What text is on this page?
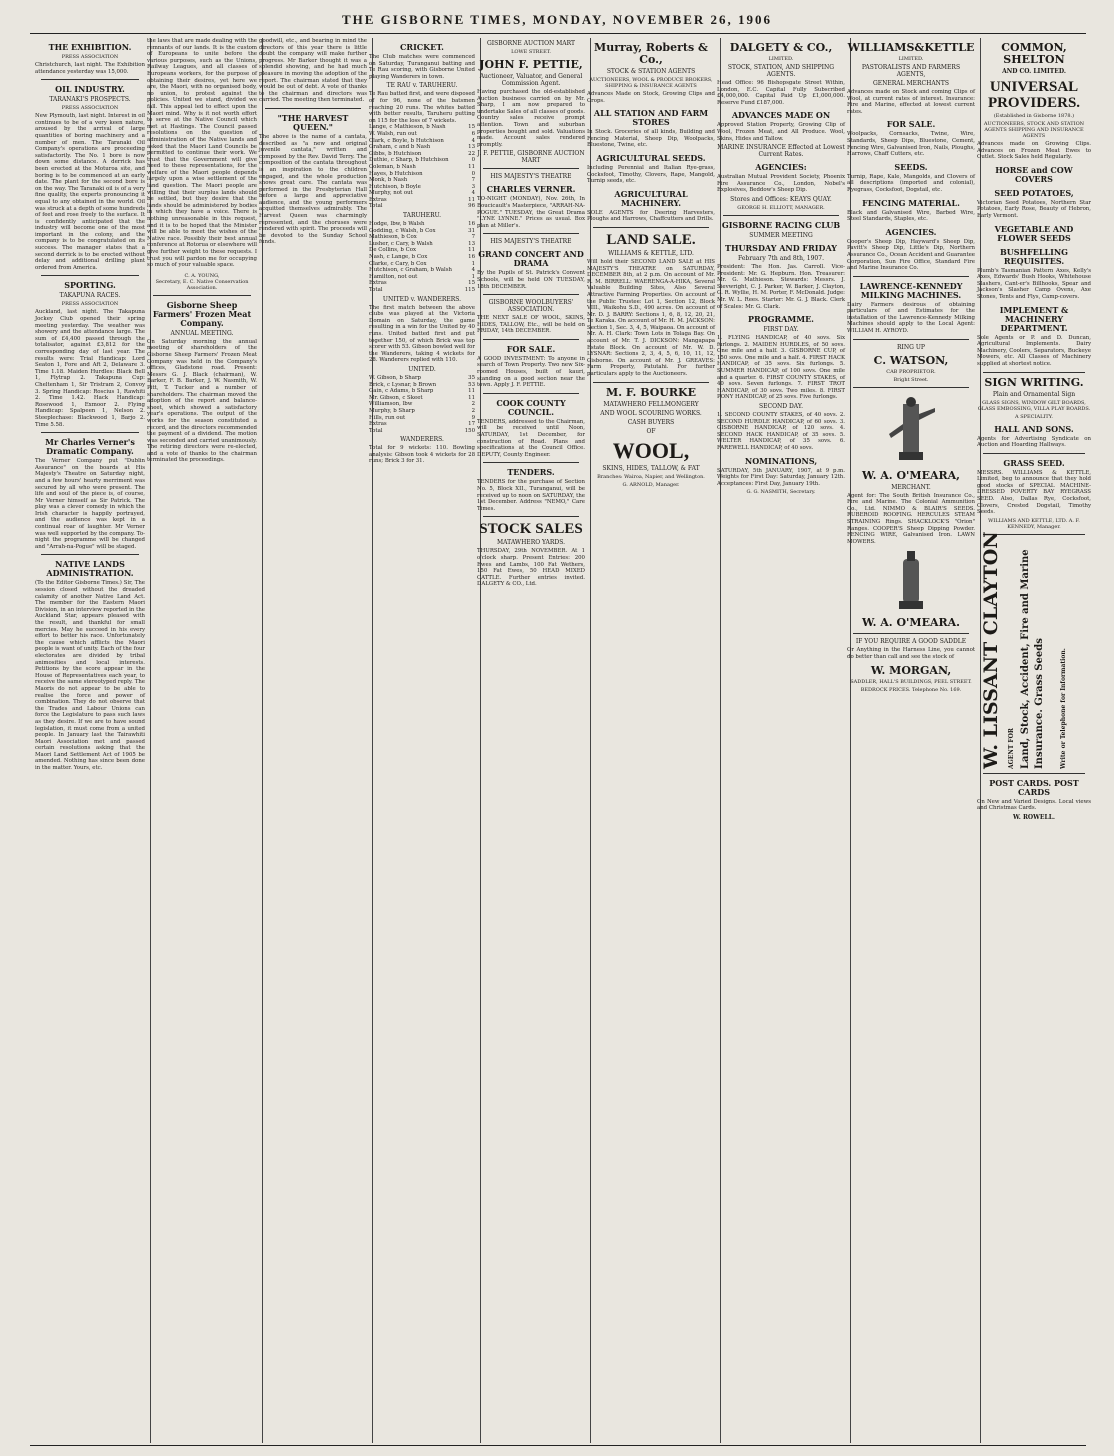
THE GISBORNE TIMES, MONDAY, NOVEMBER 26, 1906
THE EXHIBITION.
PRESS ASSOCIATION
Christchurch, last night. The Exhibition attendance yesterday was 15,000.
OIL INDUSTRY.
TARANAKI'S PROSPECTS.
PRESS ASSOCIATION
New Plymouth, last night. Interest in oil continues to be of a very keen nature, aroused by the arrival of large quantities of boring machinery and a number of men. The Taranaki Oil Company's operations are proceeding satisfactorily. The No. 1 bore is now down some distance. A derrick has been erected at the Moturoa site, and boring is to be commenced at an early date. The plant for the second bore is on the way. The Taranaki oil is of a very fine quality, the experts pronouncing it equal to any obtained in the world. Oil was struck at a depth of some hundreds of feet and rose freely to the surface. It is confidently anticipated that the industry will become one of the most important in the colony, and the company is to be congratulated on its success. The manager states that a second derrick is to be erected without delay and additional drilling plant ordered from America.
SPORTING.
TAKAPUNA RACES.
PRESS ASSOCIATION
Auckland, last night. The Takapuna Jockey Club opened their spring meeting yesterday. The weather was showery and the attendance large. The sum of £4,400 passed through the totalisator, against £3,812 for the corresponding day of last year. The results were: Trial Handicap: Lord Seaton 1, Fore and Aft 2, Delaware 3. Time 1.18. Maiden Hurdles: Black Bell 1, Flytrap 2. Takapuna Cup: Cheltenham 1, Sir Tristram 2, Convoy 3. Spring Handicap: Roscius 1, Rawhiti 2. Time 1.42. Hack Handicap: Rosewood 1, Exmoor 2. Flying Handicap: Spalpeen 1, Nelson 2. Steeplechase: Blackwood 1, Barjo 2. Time 5.58.
Mr Charles Verner's Dramatic Company.
The Verner Company put "Dublin Assurance" on the boards at His Majesty's Theatre on Saturday night, and a few hours' hearty merriment was secured by all who were present. The life and soul of the piece is, of course, Mr Verner himself as Sir Patrick. The play was a clever comedy in which the Irish character is happily portrayed, and the audience was kept in a continual roar of laughter. Mr Verner was well supported by the company. To-night the programme will be changed and "Arrah-na-Pogue" will be staged.
NATIVE LANDS ADMINISTRATION.
(To the Editor Gisborne Times.) Sir, The session closed without the dreaded calamity of another Native Land Act. The member for the Eastern Maori Division, in an interview reported in the Auckland Star, appears pleased with the result, and thankful for small mercies. May he succeed in his every effort to better his race. Unfortunately the cause which afflicts the Maori people is want of unity. Each of the four electorates are divided by tribal animosities and local interests. Petitions by the score appear in the House of Representatives each year, to receive the same stereotyped reply. The Maoris do not appear to be able to realise the force and power of combination. They do not observe that the Trades and Labour Unions can force the Legislature to pass such laws as they desire. If we are to have sound legislation, it must come from a united people. In January last the Tairawhiti Maori Association met and passed certain resolutions asking that the Maori Land Settlement Act of 1905 be amended. Nothing has since been done in the matter. Yours, etc.
the laws that are made dealing with the remnants of our lands. It is the custom of Europeans to unite before the various purposes, such as the Unions, Railway Leagues, and all classes of Europeans workers, for the purpose of obtaining their desires, yet here we are, the Maori, with no organised body, no union, to protest against the policies. United we stand, divided we fall. This appeal led to effect upon the Maori mind. Why is it not worth effort to serve at the Native Council which met at Hastings. The Council passed resolutions on the question of administration of the Native lands and asked that the Maori Land Councils be permitted to continue their work. We trust that the Government will give heed to these representations, for the welfare of the Maori people depends largely upon a wise settlement of the land question. The Maori people are willing that their surplus lands should be settled, but they desire that the lands should be administered by bodies in which they have a voice. There is nothing unreasonable in this request, and it is to be hoped that the Minister will be able to meet the wishes of the Native race. Possibly their best annual conference at Rotorua or elsewhere will give further weight to these requests. I trust you will pardon me for occupying so much of your valuable space.
C. A. YOUNG,
Secretary, E. C. Native Conservation Association.
Gisborne Sheep Farmers' Frozen Meat Company.
ANNUAL MEETING.
On Saturday morning the annual meeting of shareholders of the Gisborne Sheep Farmers' Frozen Meat Company was held in the Company's offices, Gladstone road. Present: Messrs G. J. Black (chairman), W. Barker, F. B. Barker, J. W. Nasmith, W. Pitt, T. Tucker and a number of shareholders. The chairman moved the adoption of the report and balance-sheet, which showed a satisfactory year's operations. The output of the works for the season constituted a record, and the directors recommended the payment of a dividend. The motion was seconded and carried unanimously. The retiring directors were re-elected, and a vote of thanks to the chairman terminated the proceedings.
goodwill, etc., and bearing in mind the directors of this year there is little doubt the company will make further progress. Mr Barker thought it was a splendid showing, and he had much pleasure in moving the adoption of the report. The chairman stated that they would be out of debt. A vote of thanks to the chairman and directors was carried. The meeting then terminated.
"THE HARVEST QUEEN."
The above is the name of a cantata, described as "a new and original juvenile cantata," written and composed by the Rev. David Terry. The composition of the cantata throughout is an inspiration to the children engaged, and the whole production shows great care. The cantata was performed in the Presbyterian Hall before a large and appreciative audience, and the young performers acquitted themselves admirably. The Harvest Queen was charmingly represented, and the choruses were rendered with spirit. The proceeds will be devoted to the Sunday School funds.
CRICKET.
The Club matches were commenced on Saturday, Turanganui batting and Te Rau scoring, with Gisborne United playing Wanderers in town.
TE RAU v. TARUHERU.
Te Rau batted first, and were disposed of for 96, none of the batsmen reaching 20 runs. The whites batted with better results, Taruheru putting on 115 for the loss of 7 wickets.
Lange, c Mathieson, b Nash	15
W. Walsh, run out	6
Clark, c Boyle, b Hutchison	4
Graham, c and b Nash	13
Gibbs, b Hutchison	22
Duthie, c Sharp, b Hutchison	0
Coleman, b Nash	11
Hayes, b Hutchison	0
Monk, b Nash	7
Hutchison, b Boyle	3
Murphy, not out	4
Extras	11
Total	96
TARUHERU.
Hodge, lbw, b Walsh	16
Godding, c Walsh, b Cox	31
Mathieson, b Cox	7
Lusher, c Cary, b Walsh	13
De Collins, b Cox	11
Nash, c Lange, b Cox	16
Clarke, c Cary, b Cox	1
Hutchison, c Graham, b Walsh	4
Hamilton, not out	1
Extras	15
Total	115
UNITED v. WANDERERS.
The first match between the above clubs was played at the Victoria Domain on Saturday, the game resulting in a win for the United by 40 runs. United batted first and put together 150, of which Brick was top scorer with 53. Gibson bowled well for the Wanderers, taking 4 wickets for 28. Wanderers replied with 110.
UNITED.
W. Gibson, b Sharp	35
Brick, c Lysnar, b Brown	53
Gain, c Adams, b Sharp	11
Mr. Gibson, c Skeet	11
Williamson, lbw	2
Murphy, b Sharp	2
Hills, run out	9
Extras	17
Total	150
WANDERERS.
Total for 9 wickets: 110. Bowling analysis: Gibson took 4 wickets for 28 runs; Brick 3 for 31.
GISBORNE AUCTION MART
LOWE STREET.
JOHN F. PETTIE,
Auctioneer, Valuator, and General Commission Agent.
Having purchased the old-established Auction business carried on by Mr. Sharp, I am now prepared to undertake Sales of all classes of goods. Country sales receive prompt attention. Town and suburban properties bought and sold. Valuations made. Account sales rendered promptly.
J. F. PETTIE, GISBORNE AUCTION MART
HIS MAJESTY'S THEATRE
CHARLES VERNER.
TO-NIGHT (MONDAY), Nov. 26th, In Boucicault's Masterpiece, "ARRAH-NA-POGUE." TUESDAY, the Great Drama "LYNE LYNNE." Prices as usual. Box plan at Miller's.
HIS MAJESTY'S THEATRE
GRAND CONCERT AND DRAMA
By the Pupils of St. Patrick's Convent Schools, will be held ON TUESDAY, 18th DECEMBER.
GISBORNE WOOLBUYERS' ASSOCIATION.
THE NEXT SALE OF WOOL, SKINS, HIDES, TALLOW, Etc., will be held on FRIDAY, 14th DECEMBER.
FOR SALE.
A GOOD INVESTMENT: To anyone in search of Town Property. Two new Six-roomed Houses, built of kauri, standing on a good section near the town. Apply J. F. PETTIE.
COOK COUNTY COUNCIL.
TENDERS, addressed to the Chairman, will be received until Noon, SATURDAY, 1st December, for construction of Road. Plans and specifications at the Council Office. DEPUTY, County Engineer.
TENDERS.
TENDERS for the purchase of Section No. 5, Block XII., Turanganui, will be received up to noon on SATURDAY, the 1st December. Address "NEMO," Care Times.
STOCK SALES
MATAWHERO YARDS.
THURSDAY, 29th NOVEMBER. At 1 o'clock sharp. Present Entries: 200 Ewes and Lambs, 100 Fat Wethers, 150 Fat Ewes, 50 HEAD MIXED CATTLE. Further entries invited. DALGETY & CO., Ltd.
Murray, Roberts & Co.,
STOCK & STATION AGENTS
AUCTIONEERS, WOOL & PRODUCE BROKERS, SHIPPING & INSURANCE AGENTS
Advances Made on Stock, Growing Clips and Crops.
ALL STATION AND FARM STORES
In Stock. Groceries of all kinds, Building and Fencing Material, Sheep Dip, Woolpacks, Bluestone, Twine, etc.
AGRICULTURAL SEEDS.
Including Perennial and Italian Rye-grass, Cocksfoot, Timothy, Clovers, Rape, Mangold, Turnip seeds, etc.
AGRICULTURAL MACHINERY.
SOLE AGENTS for Deering Harvesters, Ploughs and Harrows, Chaffcutters and Drills.
LAND SALE.
WILLIAMS & KETTLE, LTD.
Will hold their SECOND LAND SALE at HIS MAJESTY'S THEATRE on SATURDAY, DECEMBER 8th, at 2 p.m. On account of Mr. R. M. BIRRELL: WAERENGA-A-HIKA, Several Valuable Building Sites, Also Several Attractive Farming Properties. On account of the Public Trustee: Lot 1, Section 12, Block VIII., Waikohu S.D., 490 acres. On account of Mr. D. J. BARRY: Sections 1, 6, 8, 12, 20, 21, Te Karaka. On account of Mr. H. M. JACKSON: Section 1, Sec. 3, 4, 5, Waipaoa. On account of Mr. A. H. Clark: Town Lots in Tolaga Bay. On account of Mr. T. J. DICKSON: Mangapapa Estate Block. On account of Mr. W. D. LYSNAR: Sections 2, 3, 4, 5, 6, 10, 11, 12, Gisborne. On account of Mr. J. GREAVES: Farm Property, Patutahi. For further particulars apply to the Auctioneers.
M. F. BOURKE
MATAWHERO FELLMONGERY
AND WOOL SCOURING WORKS.
CASH BUYERS
OF
WOOL,
SKINS, HIDES, TALLOW, & FAT
Branches: Wairoa, Napier, and Wellington.
G. ARNOLD, Manager.
DALGETY & CO.,
LIMITED.
STOCK, STATION, AND SHIPPING AGENTS.
Head Office: 96 Bishopsgate Street Within, London, E.C. Capital Fully Subscribed £4,000,000. Capital Paid Up £1,000,000. Reserve Fund £187,000.
ADVANCES MADE ON
Approved Station Property, Growing Clip of Wool, Frozen Meat, and All Produce. Wool, Skins, Hides and Tallow.
MARINE INSURANCE Effected at Lowest Current Rates.
AGENCIES:
Australian Mutual Provident Society, Phoenix Fire Assurance Co., London, Nobel's Explosives, Beddow's Sheep Dip.
Stores and Offices: KEAYS QUAY.
GEORGE H. ELLIOTT, MANAGER.
GISBORNE RACING CLUB
SUMMER MEETING
THURSDAY AND FRIDAY
February 7th and 8th, 1907.
President: The Hon. Jas. Carroll. Vice-President: Mr. G. Hepburn. Hon. Treasurer: Mr. G. Mathieson. Stewards: Messrs. J. Sievwright, C. J. Parker, W. Barker, J. Clayton, G. R. Wyllie, H. M. Porter, F. McDonald. Judge: Mr. W. L. Rees. Starter: Mr. G. J. Black. Clerk of Scales: Mr. G. Clark.
PROGRAMME.
FIRST DAY.
1. FLYING HANDICAP, of 40 sovs. Six furlongs. 2. MAIDEN HURDLES, of 50 sovs. One mile and a half. 3. GISBORNE CUP, of 150 sovs. One mile and a half. 4. FIRST HACK HANDICAP, of 35 sovs. Six furlongs. 5. SUMMER HANDICAP, of 100 sovs. One mile and a quarter. 6. FIRST COUNTY STAKES, of 40 sovs. Seven furlongs. 7. FIRST TROT HANDICAP, of 30 sovs. Two miles. 8. FIRST PONY HANDICAP, of 25 sovs. Five furlongs.
SECOND DAY.
1. SECOND COUNTY STAKES, of 40 sovs. 2. SECOND HURDLE HANDICAP, of 60 sovs. 3. GISBORNE HANDICAP, of 120 sovs. 4. SECOND HACK HANDICAP, of 35 sovs. 5. WELTER HANDICAP, of 35 sovs. 6. FAREWELL HANDICAP, of 40 sovs.
NOMINATIONS,
SATURDAY, 5th JANUARY, 1907, at 9 p.m. Weights for First Day: Saturday, January 12th. Acceptances: First Day, January 19th.
G. G. NASMITH, Secretary.
WILLIAMS&KETTLE
LIMITED.
PASTORALISTS AND FARMERS AGENTS,
GENERAL MERCHANTS
Advances made on Stock and coming Clips of Wool, at current rates of interest. Insurance: Fire and Marine, effected at lowest current rates.
FOR SALE.
Woolpacks, Cornsacks, Twine, Wire, Standards, Sheep Dips, Bluestone, Cement, Fencing Wire, Galvanised Iron, Nails, Ploughs, Harrows, Chaff Cutters, etc.
SEEDS.
Turnip, Rape, Kale, Mangolds, and Clovers of all descriptions (imported and colonial), Ryegrass, Cocksfoot, Dogstail, etc.
FENCING MATERIAL.
Black and Galvanised Wire, Barbed Wire, Steel Standards, Staples, etc.
AGENCIES.
Cooper's Sheep Dip, Hayward's Sheep Dip, Pavitt's Sheep Dip, Little's Dip, Northern Assurance Co., Ocean Accident and Guarantee Corporation, Sun Fire Office, Standard Fire and Marine Insurance Co.
LAWRENCE-KENNEDY MILKING MACHINES.
Dairy Farmers desirous of obtaining particulars of and Estimates for the installation of the Lawrence-Kennedy Milking Machines should apply to the Local Agent: WILLIAM H. AYROYD.
RING UP
C. WATSON,
CAB PROPRIETOR.
Bright Street.
W. A. O'MEARA,
MERCHANT.
Agent for: The South British Insurance Co., Fire and Marine. The Colonial Ammunition Co., Ltd. NIMMO & BLAIR'S SEEDS. RUBEROID ROOFING. HERCULES STEAM STRAINING Rings. SHACKLOCK'S "Orion" Ranges. COOPER'S Sheep Dipping Powder. FENCING WIRE, Galvanised Iron. LAWN MOWERS.
W. A. O'MEARA.
IF YOU REQUIRE A GOOD SADDLE
Or Anything in the Harness Line, you cannot do better than call and see the stock of
W. MORGAN,
SADDLER, HALL'S BUILDINGS, PEEL STREET.
BEDROCK PRICES. Telephone No. 169.
COMMON, SHELTON
AND CO. LIMITED.
UNIVERSAL PROVIDERS.
(Established in Gisborne 1878.)
AUCTIONEERS, STOCK AND STATION AGENTS SHIPPING AND INSURANCE AGENTS
Advances made on Growing Clips. Advances on Frozen Meat Ewes to Outlet. Stock Sales held Regularly.
HORSE and COW COVERS
SEED POTATOES,
Victorian Seed Potatoes, Northern Star Potatoes, Early Rose, Beauty of Hebron, Early Vermont.
VEGETABLE AND FLOWER SEEDS
BUSHFELLING REQUISITES.
Plumb's Tasmanian Pattern Axes, Kelly's Axes, Edwards' Bush Hooks, Whitehouse Slashers, Cant-er's Billhooks, Spear and Jackson's Slasher Camp Ovens, Axe Stones, Tents and Flys, Camp-covers.
IMPLEMENT & MACHINERY DEPARTMENT.
Sole Agents or P. and D. Duncan, Agricultural Implements. Dairy Machinery, Coolers, Separators, Buckeye Mowers, etc. All Classes of Machinery supplied at shortest notice.
SIGN WRITING.
Plain and Ornamental Sign
GLASS SIGNS, WINDOW GILT BOARDS, GLASS EMBOSSING, VILLA PLAY BOARDS.
A SPECIALITY.
HALL AND SONS.
Agents for Advertising Syndicate on Auction and Hoarding Hallways.
GRASS SEED.
MESSRS. WILLIAMS & KETTLE, Limited, beg to announce that they hold good stocks of SPECIAL MACHINE-DRESSED POVERTY BAY RYEGRASS SEED. Also, Dallas Rye, Cocksfoot, Clovers, Crested Dogstail, Timothy Seeds.
WILLIAMS AND KETTLE, LTD. A. F. KENNEDY, Manager.
W. LISSANT CLAYTON AGENT FOR Land, Stock, Accident, Fire and Marine Insurance. Grass Seeds	Write or Telephone for Information.
POST CARDS. POST CARDS
On New and Varied Designs. Local views and Christmas Cards.
W. ROWELL.
